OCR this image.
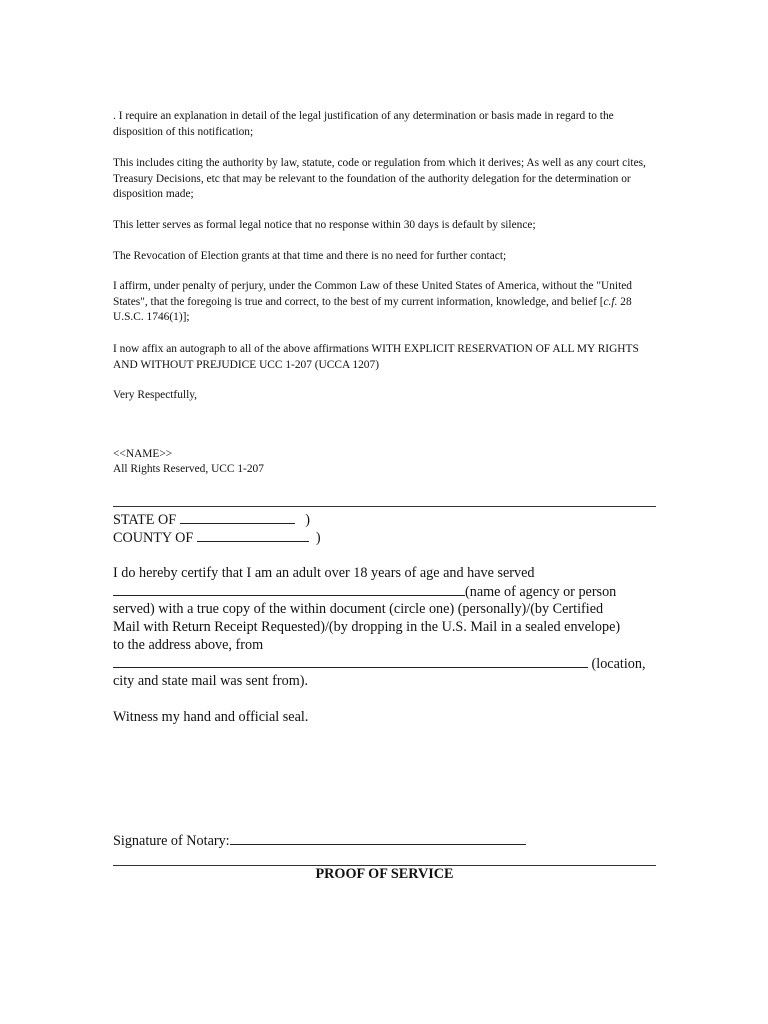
. I require an explanation in detail of the legal justification of any determination or basis made in regard to the disposition of this notification;

This includes citing the authority by law, statute, code or regulation from which it derives; As well as any court cites, Treasury Decisions, etc that may be relevant to the foundation of the authority delegation for the determination or disposition made;

This letter serves as formal legal notice that no response within 30 days is default by silence;

The Revocation of Election grants at that time and there is no need for further contact;

I affirm, under penalty of perjury, under the Common Law of these United States of America, without the "United States", that the foregoing is true and correct, to the best of my current information, knowledge, and belief [c.f. 28 U.S.C. 1746(1)];

I now affix an autograph to all of the above affirmations WITH EXPLICIT RESERVATION OF ALL MY RIGHTS AND WITHOUT PREJUDICE UCC 1-207 (UCCA 1207)

Very Respectfully,

<<NAME>>

All Rights Reserved, UCC 1-207

STATE OF	)

COUNTY OF	)

I do hereby certify that I am an adult over 18 years of age and have served

(name of agency or person

served) with a true copy of the within document (circle one) (personally)/(by Certified

Mail with Return Receipt Requested)/(by dropping in the U.S. Mail in a sealed envelope)

to the address above, from

(location,

city and state mail was sent from).

Witness my hand and official seal.

Signature of Notary:

PROOF OF SERVICE
